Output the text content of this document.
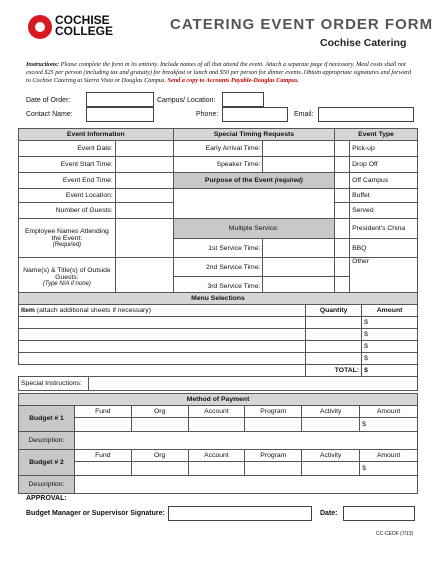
COCHISE
COLLEGE	CATERING EVENT ORDER FORM
Cochise Catering
Instructions: Please complete the form in its entirety. Include names of all that attend the event. Attach a separate page if necessary. Meal costs shall not exceed $25 per person (including tax and gratuity) for breakfast or lunch and $50 per person for dinner events. Obtain appropriate signatures and forward to Cochise Catering at Sierra Vista or Douglas Campus. Send a copy to Accounts Payable-Douglas Campus.
Date of Order:
Contact Name:
Campus/ Location:
Phone:	Email:
Event Information		Special Timing Requests		Event Type	
Event Date:		Early Arrival Time:			Pick-up
Event Start Time:		Speaker Time:			Drop Off
Event End Time:		Purpose of the Event (required)			Off Campus
Event Location:					Buffet
Number of Guests:					Served

Employee Names Attending the Event:
(Required)		Multiple Service:			President's China
		1st Service Time:			BBQ

Name(s) & Title(s) of Outside Guests:
(Type N/A if none)		2nd Service Time:			Other
		3rd Service Time:			
Menu Selections		
Item (attach additional sheets if necessary)	Quantity	Amount
		$
		$
		$
		$
	TOTAL:	$
Special Instructions:	
Method of Payment						
Budget # 1	Fund	Org	Account	Program	Activity	Amount
						$
Description:						
Budget # 2	Fund	Org	Account	Program	Activity	Amount
						$
Description:						
APPROVAL:
Budget Manager or Supervisor Signature:	Date:
CC-CEOF (7/13)
